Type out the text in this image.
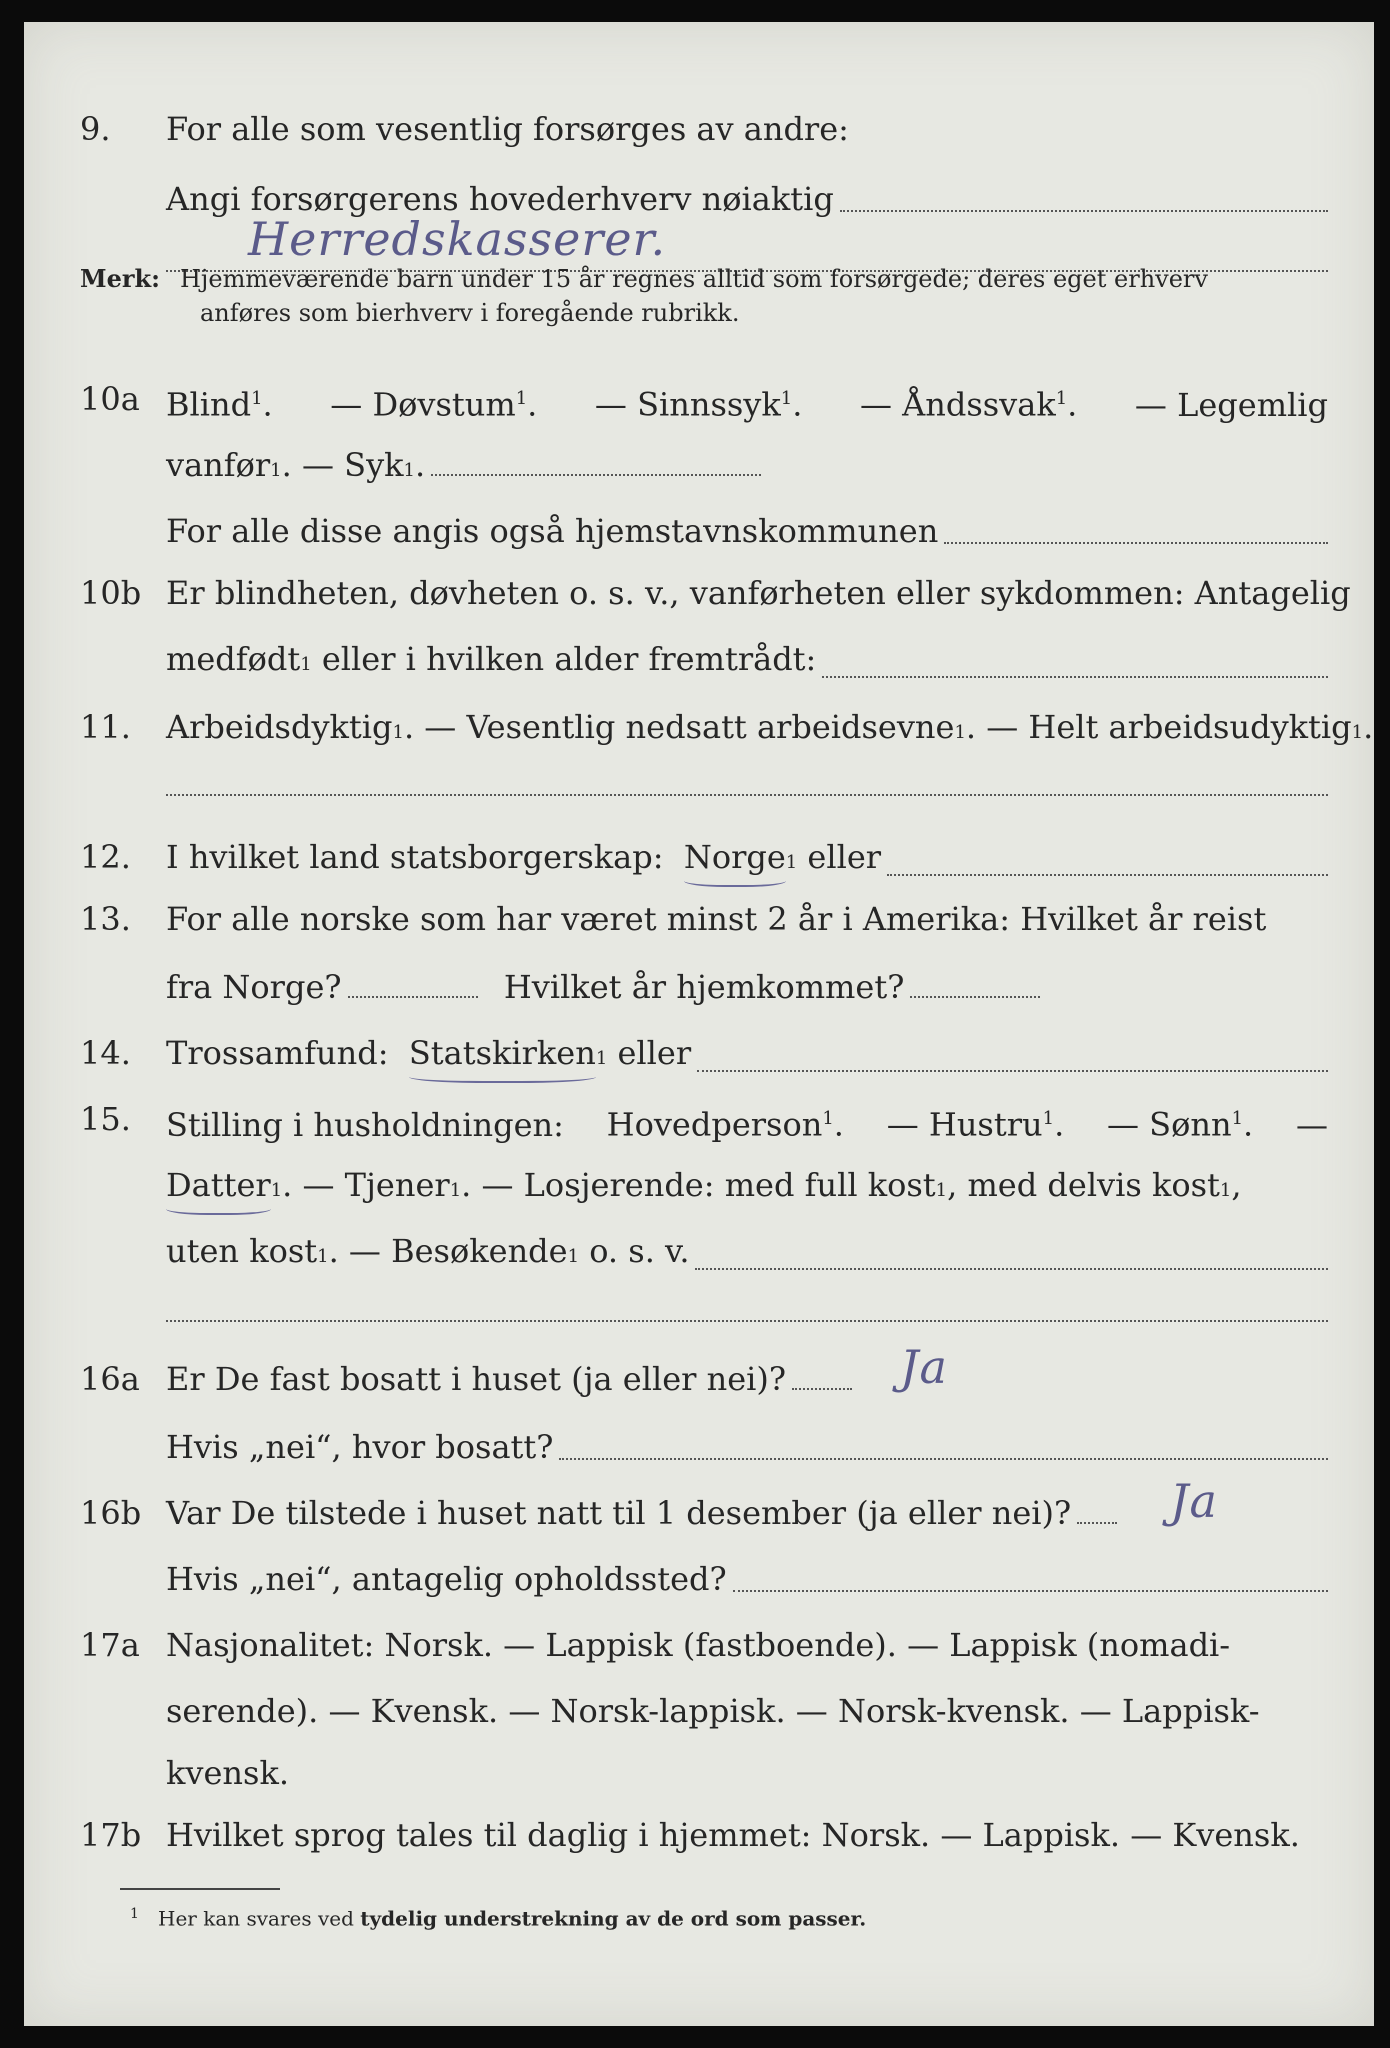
9. For alle som vesentlig forsørges av andre:
Angi forsørgerens hovederhverv nøiaktig
Herredskasserer.
Merk: Hjemmeværende barn under 15 år regnes alltid som forsørgede; deres eget erhverv
anføres som bierhverv i foregående rubrikk.
10a Blind$^1$. — Døvstum$^1$. — Sinnssyk$^1$. — Åndssvak$^1$. — Legemlig
vanfør 1 . — Syk 1 .
For alle disse angis også hjemstavnskommunen
10b Er blindheten, døvheten o. s. v., vanførheten eller sykdommen: Antagelig
medfødt 1
eller i hvilken alder fremtrådt:
11. Arbeidsdyktig 1 . — Vesentlig nedsatt arbeidsevne 1 . — Helt arbeidsudyktig 1 .
12. I hvilket land statsborgerskap:
Norge 1
eller
13. For alle norske som har været minst 2 år i Amerika: Hvilket år reist
fra Norge?
	Hvilket år hjemkommet?
14. Trossamfund:
Statskirken 1
eller
15. Stilling i husholdningen: Hovedperson$^1$. — Hustru$^1$. — Sønn$^1$. —
Datter 1 . — Tjener 1 . — Losjerende: med full kost 1 , med delvis kost 1 ,
uten kost 1 . — Besøkende 1
o. s. v.
16a Er De fast bosatt i huset (ja eller nei)? Ja
Hvis „nei“, hvor bosatt?
16b Var De tilstede i huset natt til 1 desember (ja eller nei)? Ja
Hvis „nei“, antagelig opholdssted?
17a Nasjonalitet: Norsk. — Lappisk (fastboende). — Lappisk (nomadi-
serende). — Kvensk. — Norsk-lappisk. — Norsk-kvensk. — Lappisk-
kvensk.
17b Hvilket sprog tales til daglig i hjemmet: Norsk. — Lappisk. — Kvensk.
$^1$ Her kan svares ved tydelig understrekning av de ord som passer.
